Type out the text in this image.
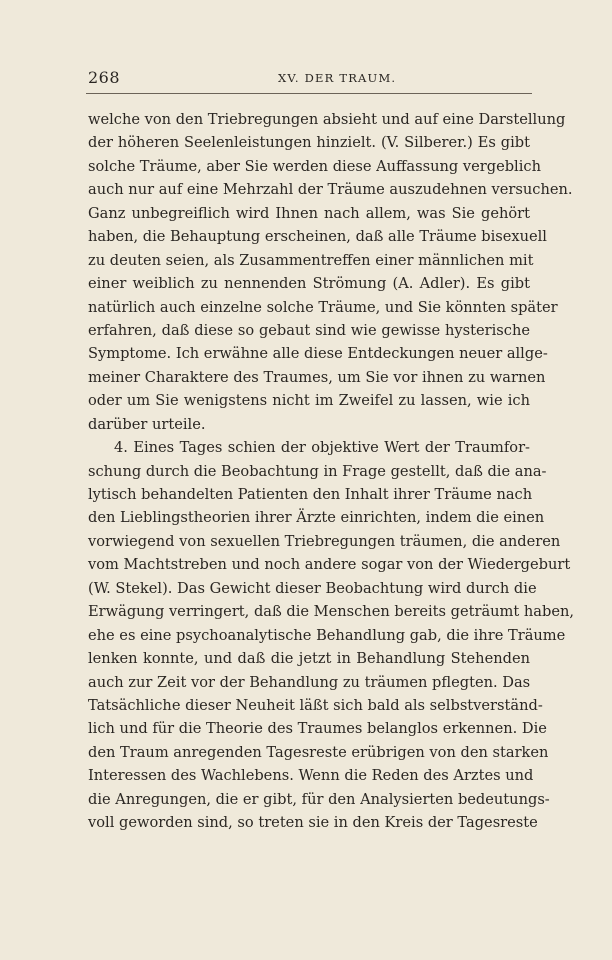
268	XV. DER TRAUM.
welche von den Triebregungen absieht und auf eine Darstellung
der höheren Seelenleistungen hinzielt. (V. Silberer.) Es gibt
solche Träume, aber Sie werden diese Auffassung vergeblich
auch nur auf eine Mehrzahl der Träume auszudehnen versuchen.
Ganz unbegreiflich wird Ihnen nach allem, was Sie gehört
haben, die Behauptung erscheinen, daß alle Träume bisexuell
zu deuten seien, als Zusammentreffen einer männlichen mit
einer weiblich zu nennenden Strömung (A. Adler). Es gibt
natürlich auch einzelne solche Träume, und Sie könnten später
erfahren, daß diese so gebaut sind wie gewisse hysterische
Symptome. Ich erwähne alle diese Entdeckungen neuer allge-
meiner Charaktere des Traumes, um Sie vor ihnen zu warnen
oder um Sie wenigstens nicht im Zweifel zu lassen, wie ich
darüber urteile.
4. Eines Tages schien der objektive Wert der Traumfor-
schung durch die Beobachtung in Frage gestellt, daß die ana-
lytisch behandelten Patienten den Inhalt ihrer Träume nach
den Lieblingstheorien ihrer Ärzte einrichten, indem die einen
vorwiegend von sexuellen Triebregungen träumen, die anderen
vom Machtstreben und noch andere sogar von der Wiedergeburt
(W. Stekel). Das Gewicht dieser Beobachtung wird durch die
Erwägung verringert, daß die Menschen bereits geträumt haben,
ehe es eine psychoanalytische Behandlung gab, die ihre Träume
lenken konnte, und daß die jetzt in Behandlung Stehenden
auch zur Zeit vor der Behandlung zu träumen pflegten. Das
Tatsächliche dieser Neuheit läßt sich bald als selbstverständ-
lich und für die Theorie des Traumes belanglos erkennen. Die
den Traum anregenden Tagesreste erübrigen von den starken
Interessen des Wachlebens. Wenn die Reden des Arztes und
die Anregungen, die er gibt, für den Analysierten bedeutungs-
voll geworden sind, so treten sie in den Kreis der Tagesreste
